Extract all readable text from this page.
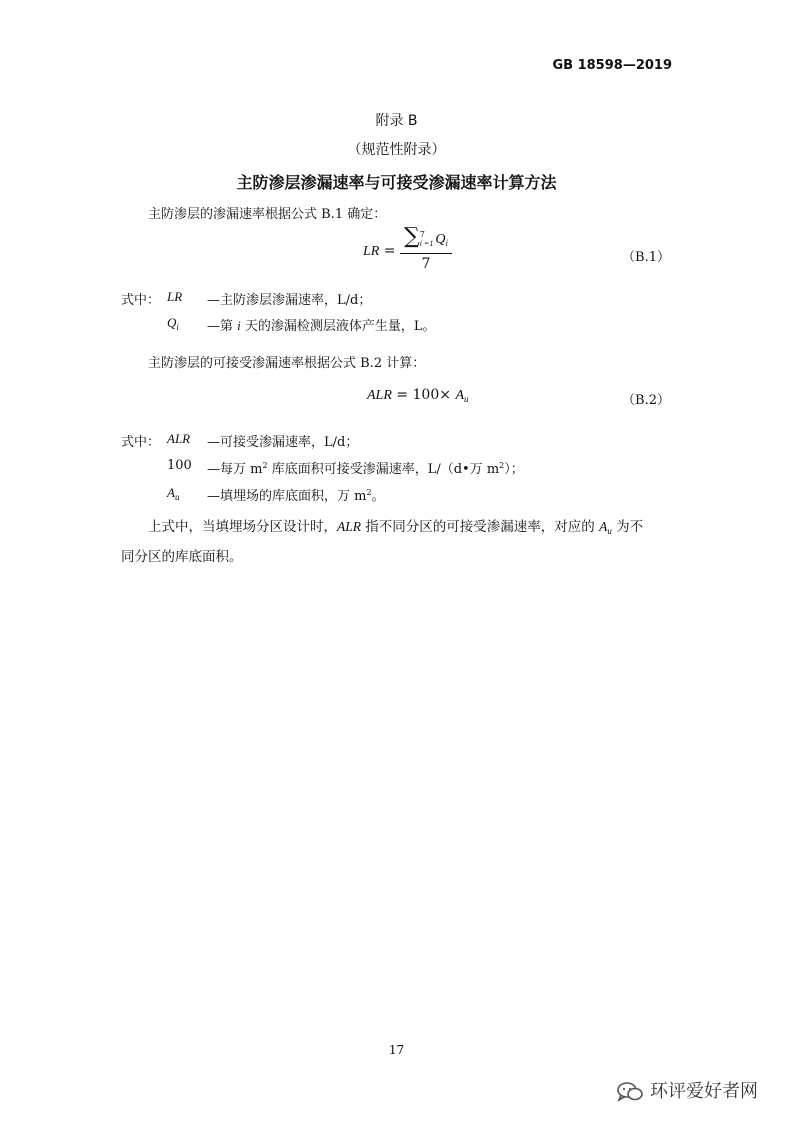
GB 18598—2019
附录 B
（规范性附录）
主防渗层渗漏速率与可接受渗漏速率计算方法
主防渗层的渗漏速率根据公式 B.1 确定：
LR = ∑ 7
i =1 $Q_i$
7	（B.1）
式中： LR —主防渗层渗漏速率，L/d；
$Q_i$ —第 i 天的渗漏检测层液体产生量，L。
主防渗层的可接受渗漏速率根据公式 B.2 计算：
ALR = $100\times A_u$	（B.2）
式中： ALR —可接受渗漏速率，L/d；
100 —每万 $m^2$ 库底面积可接受渗漏速率，L/（d•万 $m^2$）；
$A_u$ —填埋场的库底面积，万 $m^2$。
上式中，当填埋场分区设计时，ALR 指不同分区的可接受渗漏速率，对应的 $A_u$ 为不
同分区的库底面积。
17
环评爱好者网
